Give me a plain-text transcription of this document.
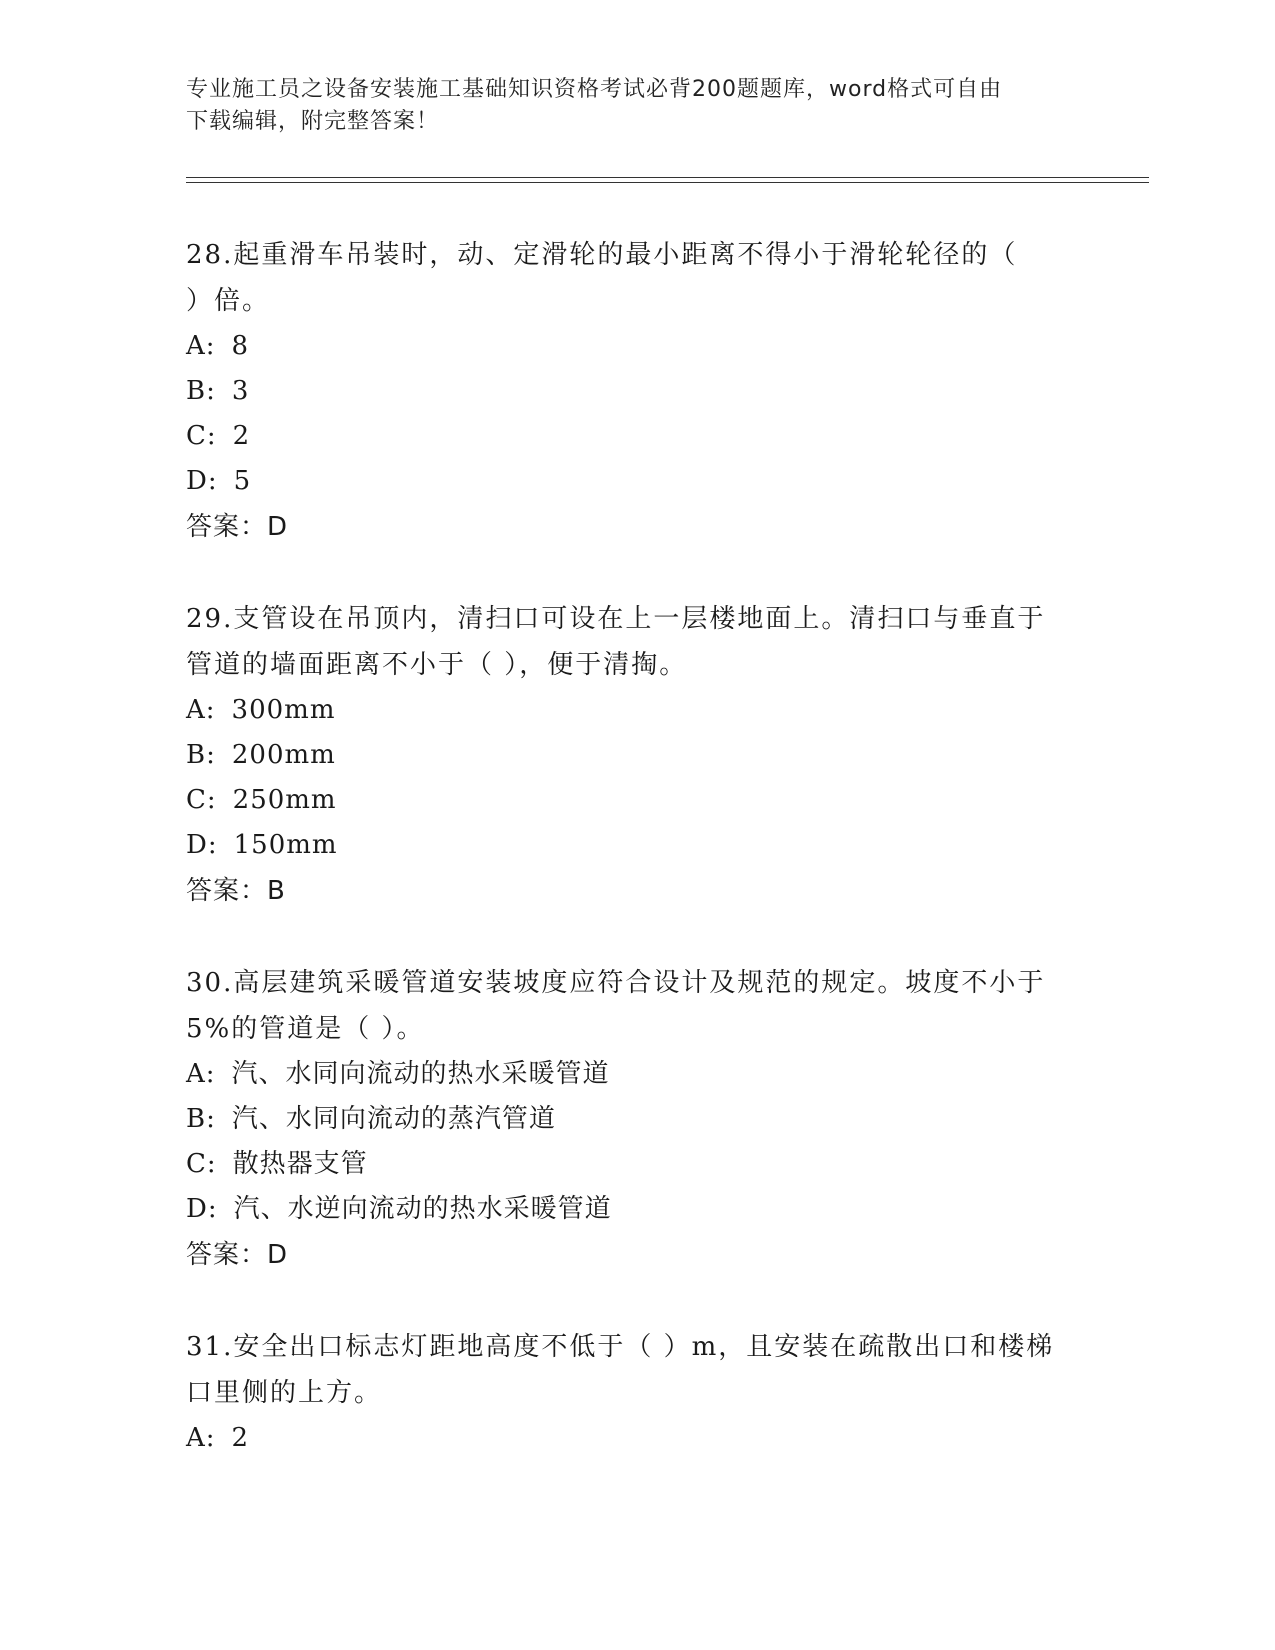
专业施工员之设备安装施工基础知识资格考试必背200题题库，word格式可自由
下载编辑，附完整答案！

28.起重滑车吊装时，动、定滑轮的最小距离不得小于滑轮轮径的（
）倍。

A: 8

B: 3

C: 2

D: 5

答案：D

29.支管设在吊顶内，清扫口可设在上一层楼地面上。清扫口与垂直于
管道的墙面距离不小于（ ），便于清掏。

A: 300mm

B: 200mm

C: 250mm

D: 150mm

答案：B

30.高层建筑采暖管道安装坡度应符合设计及规范的规定。坡度不小于
5%的管道是（ ）。

A: 汽、水同向流动的热水采暖管道

B: 汽、水同向流动的蒸汽管道

C: 散热器支管

D: 汽、水逆向流动的热水采暖管道

答案：D

31.安全出口标志灯距地高度不低于（ ）m，且安装在疏散出口和楼梯
口里侧的上方。

A: 2
